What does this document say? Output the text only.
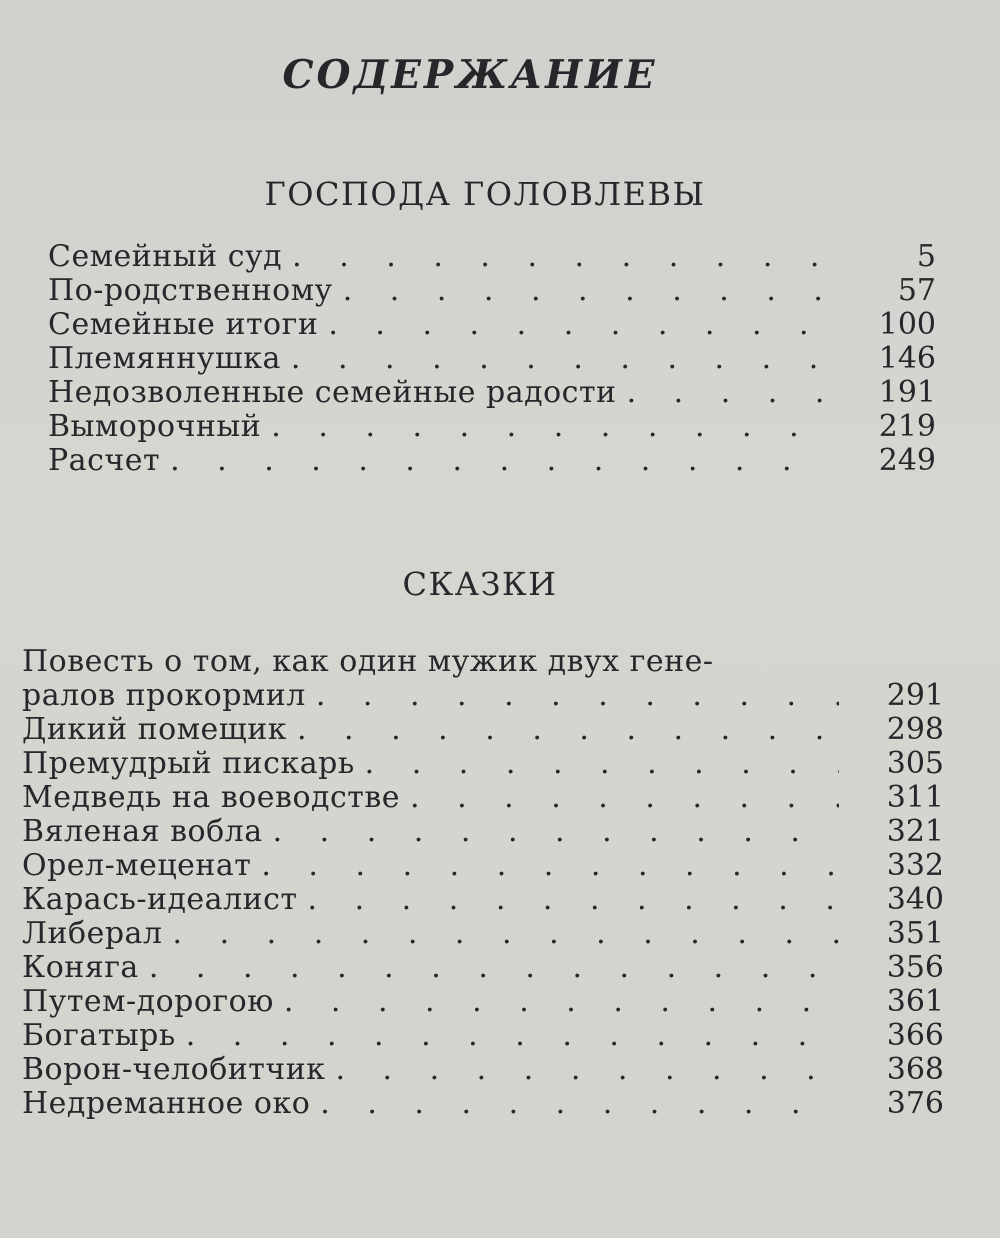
СОДЕРЖАНИЕ
ГОСПОДА ГОЛОВЛЕВЫ
Семейный суд . . .	5
По-родственному . . .	57
Семейные итоги . . .	100
Племяннушка . . .	146
Недозволенные семейные радости . . .	191
Выморочный . . .	219
Расчет . . .	249
СКАЗКИ
Повесть о том, как один мужик двух гене-
ралов прокормил . . .	291
Дикий помещик . . .	298
Премудрый пискарь . . .	305
Медведь на воеводстве . . .	311
Вяленая вобла . . .	321
Орел-меценат . . .	332
Карась-идеалист . . .	340
Либерал . . .	351
Коняга . . .	356
Путем-дорогою . . .	361
Богатырь . . .	366
Ворон-челобитчик . . .	368
Недреманное око . . .	376
